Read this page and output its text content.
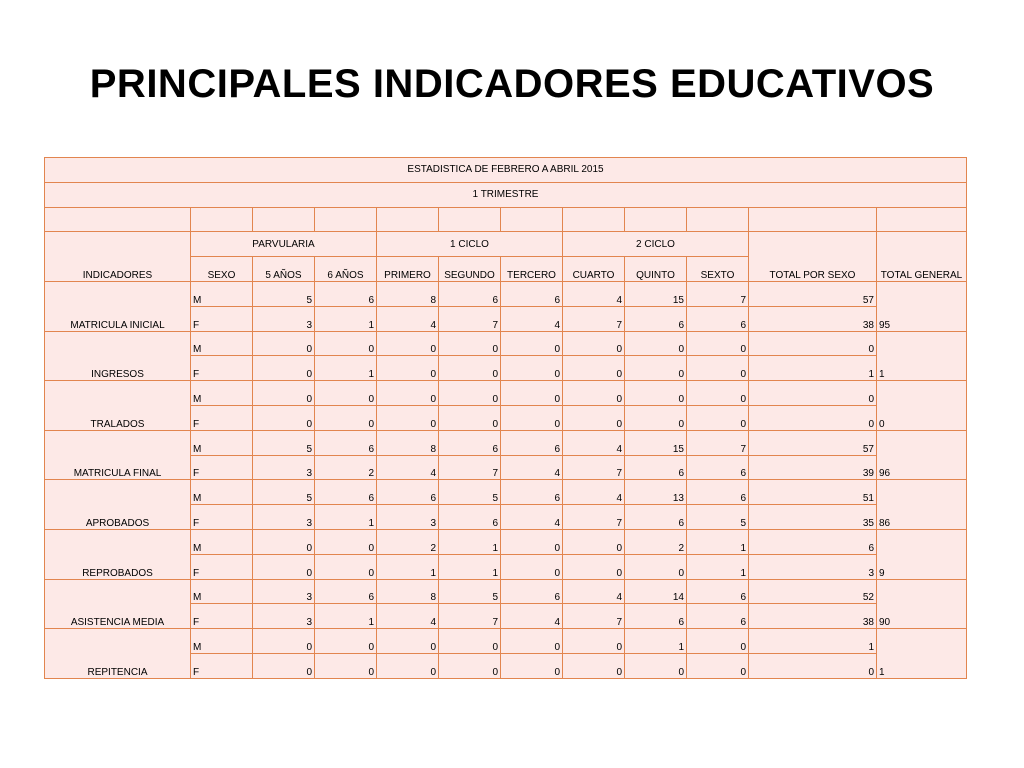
PRINCIPALES INDICADORES EDUCATIVOS
ESTADISTICA DE FEBRERO A ABRIL 2015											
1 TRIMESTRE											

INDICADORES	PARVULARIA			1 CICLO			2 CICLO			TOTAL POR SEXO	TOTAL GENERAL
	SEXO	5 AÑOS	6 AÑOS	PRIMERO	SEGUNDO	TERCERO	CUARTO	QUINTO	SEXTO		
MATRICULA INICIAL	M	5	6	8	6	6	4	15	7	57	95
	F	3	1	4	7	4	7	6	6	38	
INGRESOS	M	0	0	0	0	0	0	0	0	0	1
	F	0	1	0	0	0	0	0	0	1	
TRALADOS	M	0	0	0	0	0	0	0	0	0	0
	F	0	0	0	0	0	0	0	0	0	
MATRICULA FINAL	M	5	6	8	6	6	4	15	7	57	96
	F	3	2	4	7	4	7	6	6	39	
APROBADOS	M	5	6	6	5	6	4	13	6	51	86
	F	3	1	3	6	4	7	6	5	35	
REPROBADOS	M	0	0	2	1	0	0	2	1	6	9
	F	0	0	1	1	0	0	0	1	3	
ASISTENCIA MEDIA	M	3	6	8	5	6	4	14	6	52	90
	F	3	1	4	7	4	7	6	6	38	
REPITENCIA	M	0	0	0	0	0	0	1	0	1	1
	F	0	0	0	0	0	0	0	0	0	
